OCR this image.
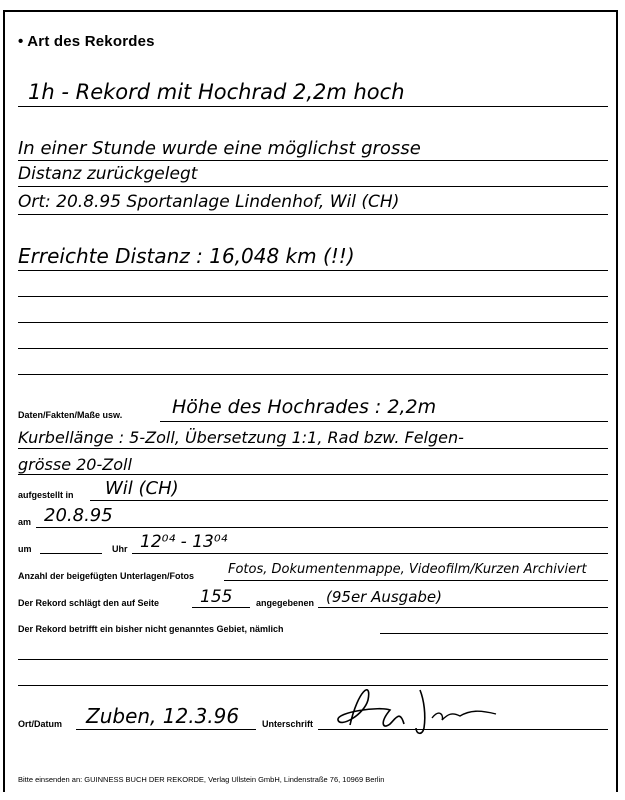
• Art des Rekordes
1h - Rekord mit Hochrad 2,2m hoch
In einer Stunde wurde eine möglichst grosse
Distanz zurückgelegt
Ort: 20.8.95 Sportanlage Lindenhof, Wil (CH)
Erreichte Distanz : 16,048 km (!!)
Daten/Fakten/Maße usw.	Höhe des Hochrades : 2,2m
Kurbellänge : 5-Zoll, Übersetzung 1:1, Rad bzw. Felgen-
grösse 20-Zoll
aufgestellt in Wil (CH)
am 20.8.95
um	Uhr 12⁰⁴ - 13⁰⁴
Anzahl der beigefügten Unterlagen/Fotos	Fotos, Dokumentenmappe, Videofilm/Kurzen Archiviert
Der Rekord schlägt den auf Seite 155	angegebenen (95er Ausgabe)
Der Rekord betrifft ein bisher nicht genanntes Gebiet, nämlich
Ort/Datum Zuben, 12.3.96	Unterschrift
Bitte einsenden an: GUINNESS BUCH DER REKORDE, Verlag Ullstein GmbH, Lindenstraße 76, 10969 Berlin
